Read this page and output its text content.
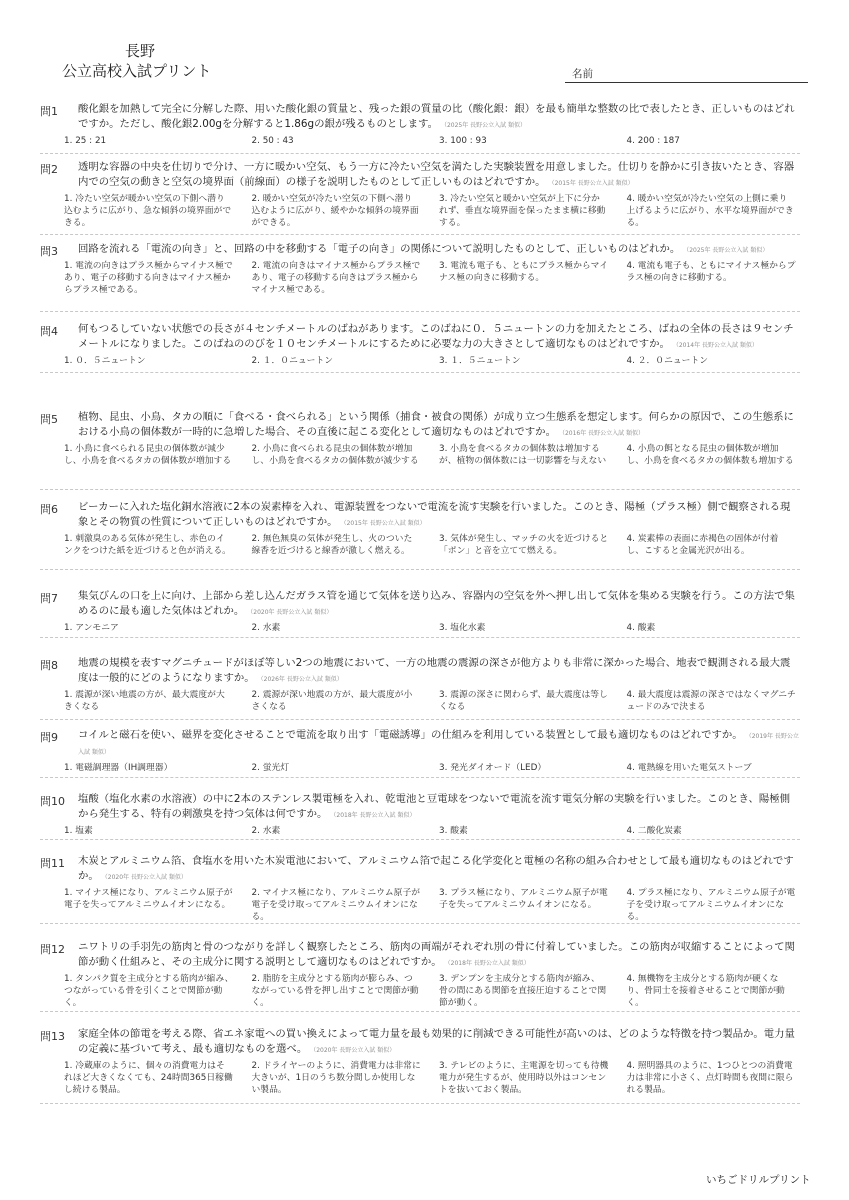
長野
公立高校入試プリント	名前
問1 酸化銀を加熱して完全に分解した際、用いた酸化銀の質量と、残った銀の質量の比（酸化銀：銀）を最も簡単な整数の比で表したとき、正しいものはどれですか。ただし、酸化銀2.00gを分解すると1.86gの銀が残るものとします。 （2025年 長野公立入試 類似）
1. 25 : 21	2. 50 : 43	3. 100 : 93	4. 200 : 187
問2 透明な容器の中央を仕切りで分け、一方に暖かい空気、もう一方に冷たい空気を満たした実験装置を用意しました。仕切りを静かに引き抜いたとき、容器内での空気の動きと空気の境界面（前線面）の様子を説明したものとして正しいものはどれですか。 （2015年 長野公立入試 類似）
1. 冷たい空気が暖かい空気の下側へ潜り込むように広がり、急な傾斜の境界面ができる。
2. 暖かい空気が冷たい空気の下側へ潜り込むように広がり、緩やかな傾斜の境界面ができる。
3. 冷たい空気と暖かい空気が上下に分かれず、垂直な境界面を保ったまま横に移動する。
4. 暖かい空気が冷たい空気の上側に乗り上げるように広がり、水平な境界面ができる。
問3 回路を流れる「電流の向き」と、回路の中を移動する「電子の向き」の関係について説明したものとして、正しいものはどれか。 （2025年 長野公立入試 類似）
1. 電流の向きはプラス極からマイナス極であり、電子の移動する向きはマイナス極からプラス極である。
2. 電流の向きはマイナス極からプラス極であり、電子の移動する向きはプラス極からマイナス極である。
3. 電流も電子も、ともにプラス極からマイナス極の向きに移動する。
4. 電流も電子も、ともにマイナス極からプラス極の向きに移動する。
問4 何もつるしていない状態での長さが４センチメートルのばねがあります。このばねに０．５ニュートンの力を加えたところ、ばねの全体の長さは９センチメートルになりました。このばねののびを１０センチメートルにするために必要な力の大きさとして適切なものはどれですか。 （2014年 長野公立入試 類似）
1. ０．５ニュートン	2. １．０ニュートン	3. １．５ニュートン	4. ２．０ニュートン
問5 植物、昆虫、小鳥、タカの順に「食べる・食べられる」という関係（捕食・被食の関係）が成り立つ生態系を想定します。何らかの原因で、この生態系における小鳥の個体数が一時的に急増した場合、その直後に起こる変化として適切なものはどれですか。 （2016年 長野公立入試 類似）
1. 小鳥に食べられる昆虫の個体数が減少し、小鳥を食べるタカの個体数が増加する
2. 小鳥に食べられる昆虫の個体数が増加し、小鳥を食べるタカの個体数が減少する
3. 小鳥を食べるタカの個体数は増加するが、植物の個体数には一切影響を与えない
4. 小鳥の餌となる昆虫の個体数が増加し、小鳥を食べるタカの個体数も増加する
問6 ビーカーに入れた塩化銅水溶液に2本の炭素棒を入れ、電源装置をつないで電流を流す実験を行いました。このとき、陽極（プラス極）側で観察される現象とその物質の性質について正しいものはどれですか。 （2015年 長野公立入試 類似）
1. 刺激臭のある気体が発生し、赤色のインクをつけた紙を近づけると色が消える。
2. 無色無臭の気体が発生し、火のついた線香を近づけると線香が激しく燃える。
3. 気体が発生し、マッチの火を近づけると「ポン」と音を立てて燃える。
4. 炭素棒の表面に赤褐色の固体が付着し、こすると金属光沢が出る。
問7 集気びんの口を上に向け、上部から差し込んだガラス管を通じて気体を送り込み、容器内の空気を外へ押し出して気体を集める実験を行う。この方法で集めるのに最も適した気体はどれか。 （2020年 長野公立入試 類似）
1. アンモニア	2. 水素	3. 塩化水素	4. 酸素
問8 地震の規模を表すマグニチュードがほぼ等しい2つの地震において、一方の地震の震源の深さが他方よりも非常に深かった場合、地表で観測される最大震度は一般的にどのようになりますか。 （2026年 長野公立入試 類似）
1. 震源が深い地震の方が、最大震度が大きくなる
2. 震源が深い地震の方が、最大震度が小さくなる
3. 震源の深さに関わらず、最大震度は等しくなる
4. 最大震度は震源の深さではなくマグニチュードのみで決まる
問9 コイルと磁石を使い、磁界を変化させることで電流を取り出す「電磁誘導」の仕組みを利用している装置として最も適切なものはどれですか。 （2019年 長野公立入試 類似）
1. 電磁調理器（IH調理器）	2. 蛍光灯	3. 発光ダイオード（LED）	4. 電熱線を用いた電気ストーブ
問10 塩酸（塩化水素の水溶液）の中に2本のステンレス製電極を入れ、乾電池と豆電球をつないで電流を流す電気分解の実験を行いました。このとき、陽極側から発生する、特有の刺激臭を持つ気体は何ですか。 （2018年 長野公立入試 類似）
1. 塩素	2. 水素	3. 酸素	4. 二酸化炭素
問11 木炭とアルミニウム箔、食塩水を用いた木炭電池において、アルミニウム箔で起こる化学変化と電極の名称の組み合わせとして最も適切なものはどれですか。 （2020年 長野公立入試 類似）
1. マイナス極になり、アルミニウム原子が電子を失ってアルミニウムイオンになる。
2. マイナス極になり、アルミニウム原子が電子を受け取ってアルミニウムイオンになる。
3. プラス極になり、アルミニウム原子が電子を失ってアルミニウムイオンになる。
4. プラス極になり、アルミニウム原子が電子を受け取ってアルミニウムイオンになる。
問12 ニワトリの手羽先の筋肉と骨のつながりを詳しく観察したところ、筋肉の両端がそれぞれ別の骨に付着していました。この筋肉が収縮することによって関節が動く仕組みと、その主成分に関する説明として適切なものはどれですか。 （2018年 長野公立入試 類似）
1. タンパク質を主成分とする筋肉が縮み、つながっている骨を引くことで関節が動く。
2. 脂肪を主成分とする筋肉が膨らみ、つながっている骨を押し出すことで関節が動く。
3. デンプンを主成分とする筋肉が縮み、骨の間にある関節を直接圧迫することで関節が動く。
4. 無機物を主成分とする筋肉が硬くなり、骨同士を接着させることで関節が動く。
問13 家庭全体の節電を考える際、省エネ家電への買い換えによって電力量を最も効果的に削減できる可能性が高いのは、どのような特徴を持つ製品か。電力量の定義に基づいて考え、最も適切なものを選べ。 （2020年 長野公立入試 類似）
1. 冷蔵庫のように、個々の消費電力はそれほど大きくなくても、24時間365日稼働し続ける製品。
2. ドライヤーのように、消費電力は非常に大きいが、1日のうち数分間しか使用しない製品。
3. テレビのように、主電源を切っても待機電力が発生するが、使用時以外はコンセントを抜いておく製品。
4. 照明器具のように、1つひとつの消費電力は非常に小さく、点灯時間も夜間に限られる製品。
いちごドリルプリント
